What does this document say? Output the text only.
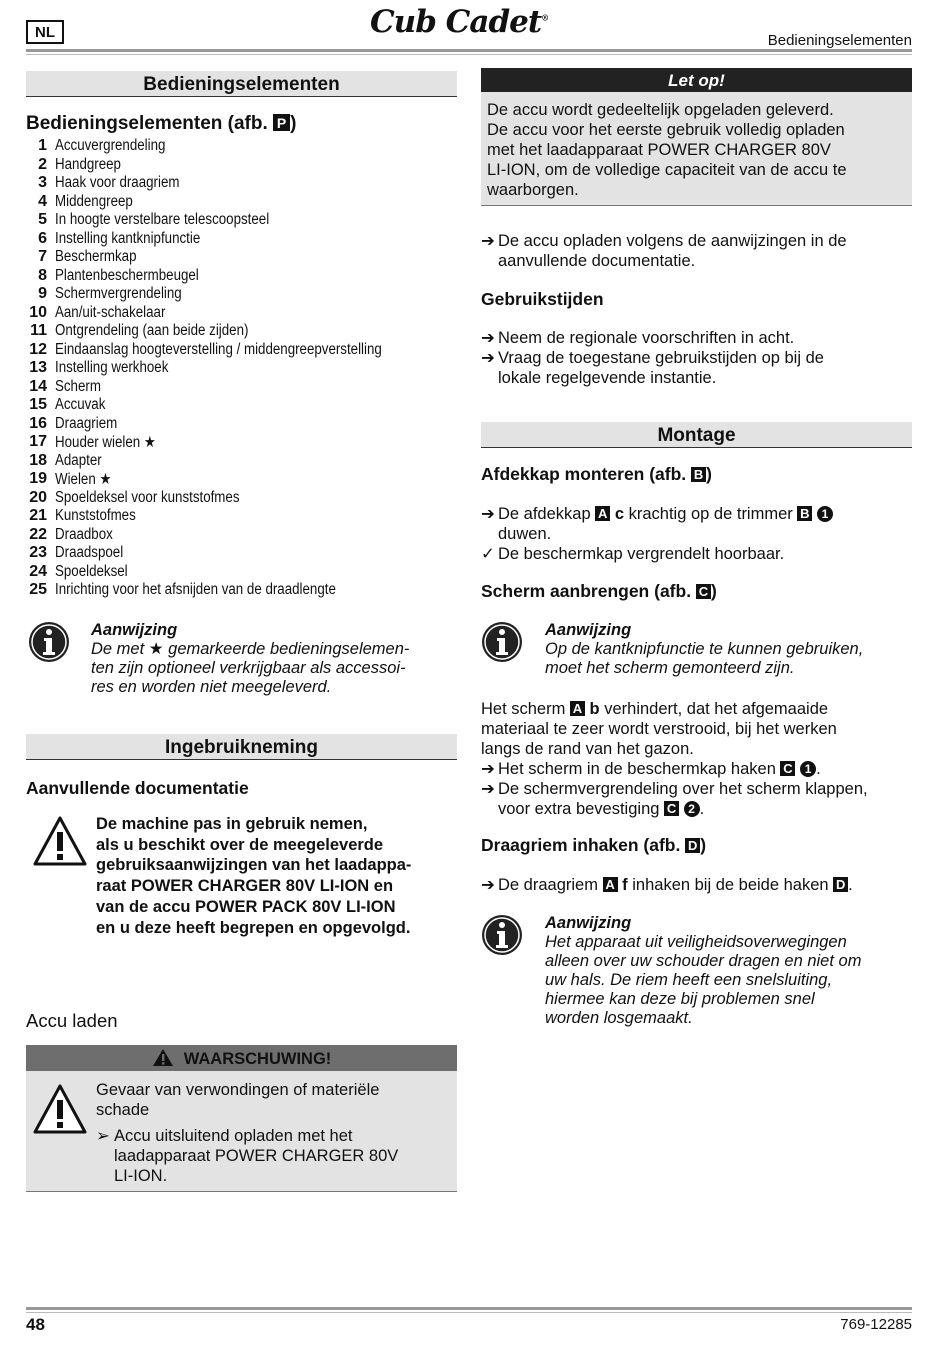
NL	Cub Cadet®
Bedieningselementen
Bedieningselementen
Bedieningselementen (afb. P )
1 Accuvergrendeling
2 Handgreep
3 Haak voor draagriem
4 Middengreep
5 In hoogte verstelbare telescoopsteel
6 Instelling kantknipfunctie
7 Beschermkap
8 Plantenbeschermbeugel
9 Schermvergrendeling
10 Aan/uit-schakelaar
11 Ontgrendeling (aan beide zijden)
12 Eindaanslag hoogteverstelling / middengreepverstelling
13 Instelling werkhoek
14 Scherm
15 Accuvak
16 Draagriem
17 Houder wielen ★
18 Adapter
19 Wielen ★
20 Spoeldeksel voor kunststofmes
21 Kunststofmes
22 Draadbox
23 Draadspoel
24 Spoeldeksel
25 Inrichting voor het afsnijden van de draadlengte
Aanwijzing
De met ★ gemarkeerde bedieningselemen-
ten zijn optioneel verkrijgbaar als accessoi-
res en worden niet meegeleverd.
Ingebruikneming
Aanvullende documentatie
De machine pas in gebruik nemen,
als u beschikt over de meegeleverde
gebruiksaanwijzingen van het laadappa-
raat POWER CHARGER 80V LI-ION en
van de accu POWER PACK 80V LI-ION
en u deze heeft begrepen en opgevolgd.
Accu laden
WAARSCHUWING!
Gevaar van verwondingen of materiële
schade
➢ Accu uitsluitend opladen met het
laadapparaat POWER CHARGER 80V
LI-ION.
Let op!
De accu wordt gedeeltelijk opgeladen geleverd.
De accu voor het eerste gebruik volledig opladen
met het laadapparaat POWER CHARGER 80V
LI-ION, om de volledige capaciteit van de accu te
waarborgen.
➔ De accu opladen volgens de aanwijzingen in de
aanvullende documentatie.
Gebruikstijden
➔ Neem de regionale voorschriften in acht.
➔ Vraag de toegestane gebruikstijden op bij de
lokale regelgevende instantie.
Montage
Afdekkap monteren (afb. B )
➔ De afdekkap A c krachtig op de trimmer B 1
duwen.
✓ De beschermkap vergrendelt hoorbaar.
Scherm aanbrengen (afb. C )
Aanwijzing
Op de kantknipfunctie te kunnen gebruiken,
moet het scherm gemonteerd zijn.
Het scherm A b verhindert, dat het afgemaaide
materiaal te zeer wordt verstrooid, bij het werken
langs de rand van het gazon.
➔ Het scherm in de beschermkap haken C 1 .
➔ De schermvergrendeling over het scherm klappen,
voor extra bevestiging C 2 .
Draagriem inhaken (afb. D )
➔ De draagriem A f inhaken bij de beide haken D .
Aanwijzing
Het apparaat uit veiligheidsoverwegingen
alleen over uw schouder dragen en niet om
uw hals. De riem heeft een snelsluiting,
hiermee kan deze bij problemen snel
worden losgemaakt.
48	769-12285
